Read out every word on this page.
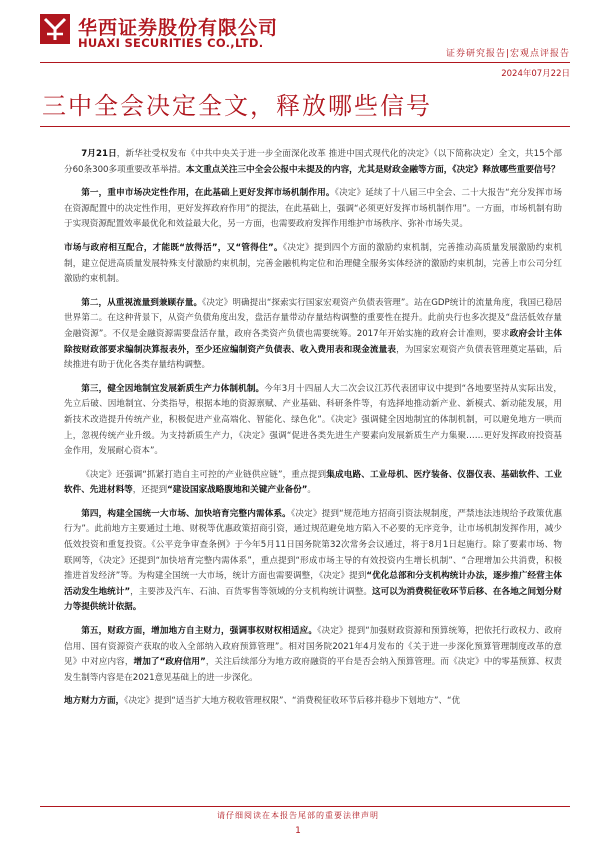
华西证券股份有限公司
HUAXI SECURITIES CO.,LTD.
证券研究报告|宏观点评报告
2024年07月22日
三中全会决定全文，释放哪些信号

7月21日，新华社受权发布《中共中央关于进一步全面深化改革 推进中国式现代化的决定》（以下简称决定）全文，共15个部分60条300多项重要改革举措。本文重点关注三中全会公报中未提及的内容，尤其是财政金融等方面，《决定》释放哪些重要信号？

第一，重申市场决定性作用，在此基础上更好发挥市场机制作用。《决定》延续了十八届三中全会、二十大报告“充分发挥市场在资源配置中的决定性作用，更好发挥政府作用”的提法，在此基础上，强调“必须更好发挥市场机制作用”。一方面，市场机制有助于实现资源配置效率最优化和效益最大化，另一方面，也需要政府发挥作用维护市场秩序、弥补市场失灵。

市场与政府相互配合，才能既“放得活”，又“管得住”。《决定》提到四个方面的激励约束机制，完善推动高质量发展激励约束机制，建立促进高质量发展特殊支付激励约束机制，完善金融机构定位和治理健全服务实体经济的激励约束机制，完善上市公司分红激励约束机制。

第二，从重视流量到兼顾存量。《决定》明确提出“探索实行国家宏观资产负债表管理”。站在GDP统计的流量角度，我国已稳居世界第二。在这种背景下，从资产负债角度出发，盘活存量带动存量结构调整的重要性在提升。此前央行也多次提及“盘活低效存量金融资源”。不仅是金融资源需要盘活存量，政府各类资产负债也需要统筹。2017年开始实施的政府会计准则，要求政府会计主体除按财政部要求编制决算报表外，至少还应编制资产负债表、收入费用表和现金流量表，为国家宏观资产负债表管理奠定基础，后续推进有助于优化各类存量结构调整。

第三，健全因地制宜发展新质生产力体制机制。今年3月十四届人大二次会议江苏代表团审议中提到“各地要坚持从实际出发，先立后破、因地制宜、分类指导，根据本地的资源禀赋、产业基础、科研条件等，有选择地推动新产业、新模式、新动能发展，用新技术改造提升传统产业，积极促进产业高端化、智能化、绿色化”。《决定》强调健全因地制宜的体制机制，可以避免地方一哄而上，忽视传统产业升级。为支持新质生产力，《决定》强调“促进各类先进生产要素向发展新质生产力集聚……更好发挥政府投资基金作用，发展耐心资本”。

《决定》还强调“抓紧打造自主可控的产业链供应链”，重点提到集成电路、工业母机、医疗装备、仪器仪表、基础软件、工业软件、先进材料等，还提到“建设国家战略腹地和关键产业备份”。

第四，构建全国统一大市场、加快培育完整内需体系。《决定》提到“规范地方招商引资法规制度，严禁违法违规给予政策优惠行为”。此前地方主要通过土地、财税等优惠政策招商引资，通过规范避免地方陷入不必要的无序竞争，让市场机制发挥作用，减少低效投资和重复投资。《公平竞争审查条例》于今年5月11日国务院第32次常务会议通过，将于8月1日起施行。除了要素市场、物联网等，《决定》还提到“加快培育完整内需体系”，重点提到“形成市场主导的有效投资内生增长机制”、“合理增加公共消费，积极推进首发经济”等。为构建全国统一大市场，统计方面也需要调整，《决定》提到“优化总部和分支机构统计办法，逐步推广经营主体活动发生地统计”，主要涉及汽车、石油、百货零售等领域的分支机构统计调整。这可以为消费税征收环节后移、在各地之间划分财力等提供统计依据。

第五，财政方面，增加地方自主财力，强调事权财权相适应。《决定》提到“加强财政资源和预算统筹，把依托行政权力、政府信用、国有资源资产获取的收入全部纳入政府预算管理”。相对国务院2021年4月发布的《关于进一步深化预算管理制度改革的意见》中对应内容，增加了“政府信用”，关注后续部分为地方政府融资的平台是否会纳入预算管理。而《决定》中的零基预算、权责发生制等内容是在2021意见基础上的进一步深化。

地方财力方面，《决定》提到“适当扩大地方税收管理权限”、“消费税征收环节后移并稳步下划地方”、“优

请仔细阅读在本报告尾部的重要法律声明
1
